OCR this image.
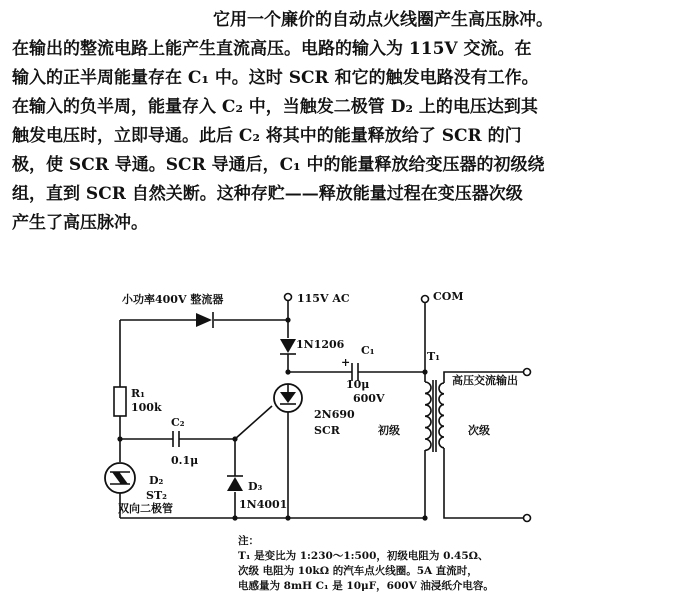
它用一个廉价的自动点火线圈产生高压脉冲。
在输出的整流电路上能产生直流高压。电路的输入为 115V 交流。在
输入的正半周能量存在 C₁ 中。这时 SCR 和它的触发电路没有工作。
在输入的负半周，能量存入 C₂ 中，当触发二极管 D₂ 上的电压达到其
触发电压时，立即导通。此后 C₂ 将其中的能量释放给了 SCR 的门
极，使 SCR 导通。SCR 导通后，C₁ 中的能量释放给变压器的初级绕
组，直到 SCR 自然关断。这种存贮——释放能量过程在变压器次级
产生了高压脉冲。
小功率400V 整流器	115V AC	COM
1N1206
+
C₁
10μ
600V
T₁
高压交流输出
R₁
100k
C₂
0.1μ
2N690
SCR	初级	次级
D₂
ST₂
双向二极管
D₃
1N4001
注：
T₁ 是变比为 1:230～1:500，初级电阻为 0.45Ω、
次级 电阻为 10kΩ 的汽车点火线圈。5A 直流时，
电感量为 8mH C₁ 是 10μF，600V 油浸纸介电容。
